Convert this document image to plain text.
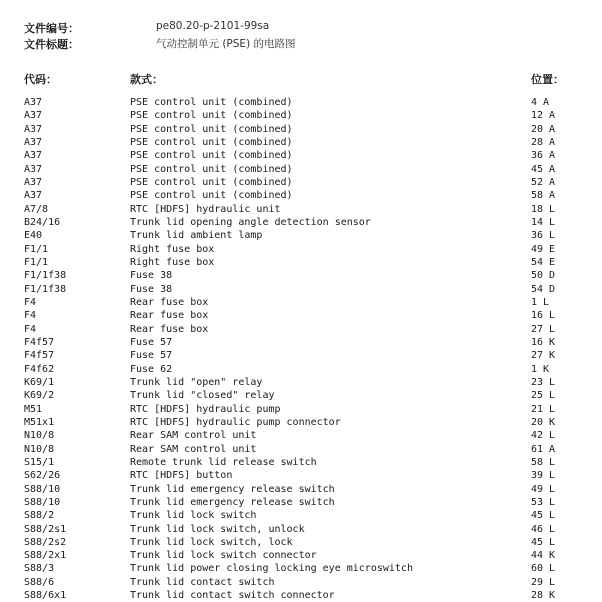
文件编号：	pe80.20-p-2101-99sa
文件标题：	气动控制单元 (PSE) 的电路图
代码：	款式：	位置：
A37	PSE control unit (combined)	4 A
A37	PSE control unit (combined)	12 A
A37	PSE control unit (combined)	20 A
A37	PSE control unit (combined)	28 A
A37	PSE control unit (combined)	36 A
A37	PSE control unit (combined)	45 A
A37	PSE control unit (combined)	52 A
A37	PSE control unit (combined)	58 A
A7/8	RTC [HDFS] hydraulic unit	18 L
B24/16	Trunk lid opening angle detection sensor	14 L
E40	Trunk lid ambient lamp	36 L
F1/1	Right fuse box	49 E
F1/1	Right fuse box	54 E
F1/1f38	Fuse 38	50 D
F1/1f38	Fuse 38	54 D
F4	Rear fuse box	1 L
F4	Rear fuse box	16 L
F4	Rear fuse box	27 L
F4f57	Fuse 57	16 K
F4f57	Fuse 57	27 K
F4f62	Fuse 62	1 K
K69/1	Trunk lid "open" relay	23 L
K69/2	Trunk lid "closed" relay	25 L
M51	RTC [HDFS] hydraulic pump	21 L
M51x1	RTC [HDFS] hydraulic pump connector	20 K
N10/8	Rear SAM control unit	42 L
N10/8	Rear SAM control unit	61 A
S15/1	Remote trunk lid release switch	58 L
S62/26	RTC [HDFS] button	39 L
S88/10	Trunk lid emergency release switch	49 L
S88/10	Trunk lid emergency release switch	53 L
S88/2	Trunk lid lock switch	45 L
S88/2s1	Trunk lid lock switch, unlock	46 L
S88/2s2	Trunk lid lock switch, lock	45 L
S88/2x1	Trunk lid lock switch connector	44 K
S88/3	Trunk lid power closing locking eye microswitch	60 L
S88/6	Trunk lid contact switch	29 L
S88/6x1	Trunk lid contact switch connector	28 K
